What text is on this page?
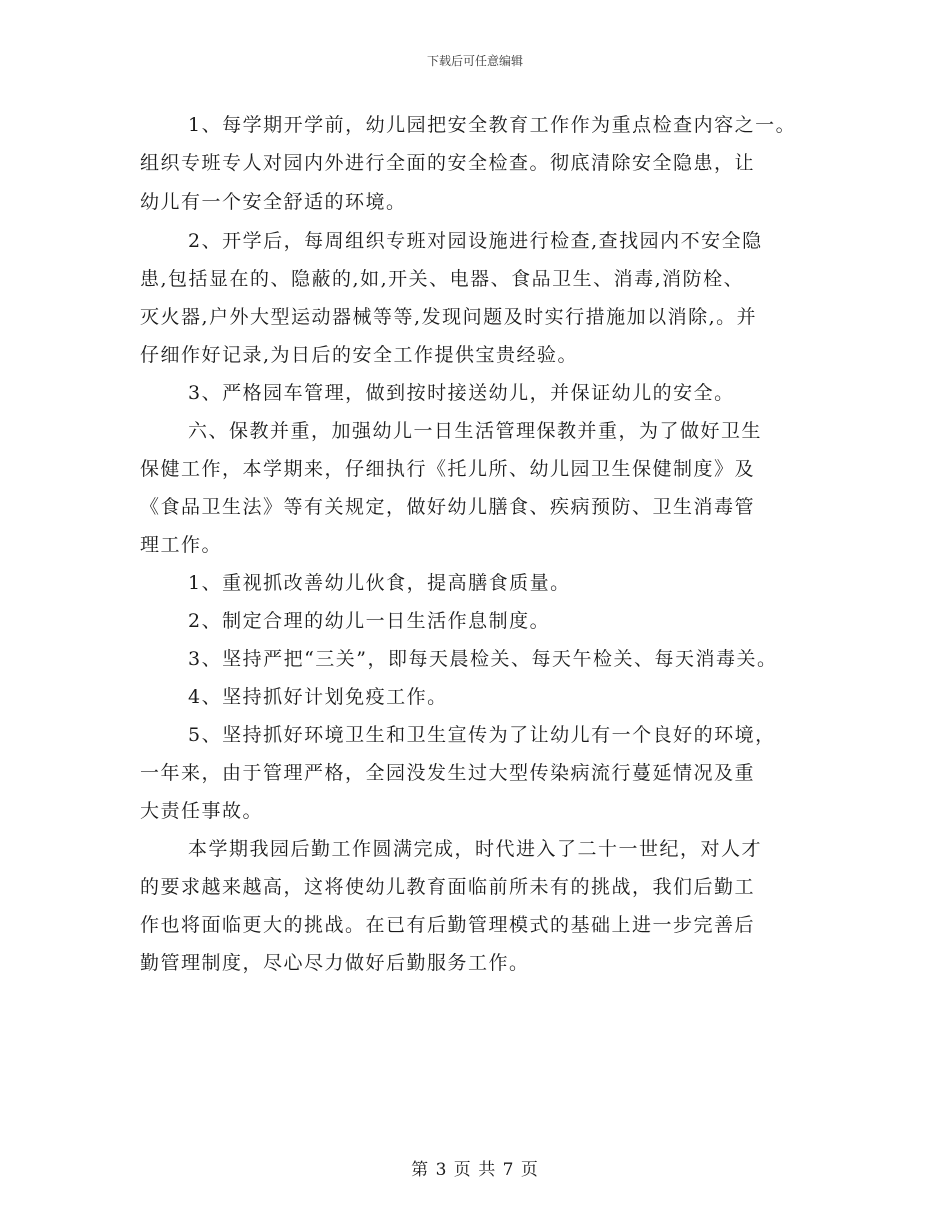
下载后可任意编辑
1、每学期开学前，幼儿园把安全教育工作作为重点检查内容之一。
组织专班专人对园内外进行全面的安全检查。彻底清除安全隐患，让
幼儿有一个安全舒适的环境。
2、开学后，每周组织专班对园设施进行检查,查找园内不安全隐
患,包括显在的、隐蔽的,如,开关、电器、食品卫生、消毒,消防栓、
灭火器,户外大型运动器械等等,发现问题及时实行措施加以消除,。并
仔细作好记录,为日后的安全工作提供宝贵经验。
3、严格园车管理，做到按时接送幼儿，并保证幼儿的安全。
六、保教并重，加强幼儿一日生活管理保教并重，为了做好卫生
保健工作，本学期来，仔细执行《托儿所、幼儿园卫生保健制度》及
《食品卫生法》等有关规定，做好幼儿膳食、疾病预防、卫生消毒管
理工作。
1、重视抓改善幼儿伙食，提高膳食质量。
2、制定合理的幼儿一日生活作息制度。
3、坚持严把“三关”，即每天晨检关、每天午检关、每天消毒关。
4、坚持抓好计划免疫工作。
5、坚持抓好环境卫生和卫生宣传为了让幼儿有一个良好的环境，
一年来，由于管理严格，全园没发生过大型传染病流行蔓延情况及重
大责任事故。
本学期我园后勤工作圆满完成，时代进入了二十一世纪，对人才
的要求越来越高，这将使幼儿教育面临前所未有的挑战，我们后勤工
作也将面临更大的挑战。在已有后勤管理模式的基础上进一步完善后
勤管理制度，尽心尽力做好后勤服务工作。
第 3 页 共 7 页
